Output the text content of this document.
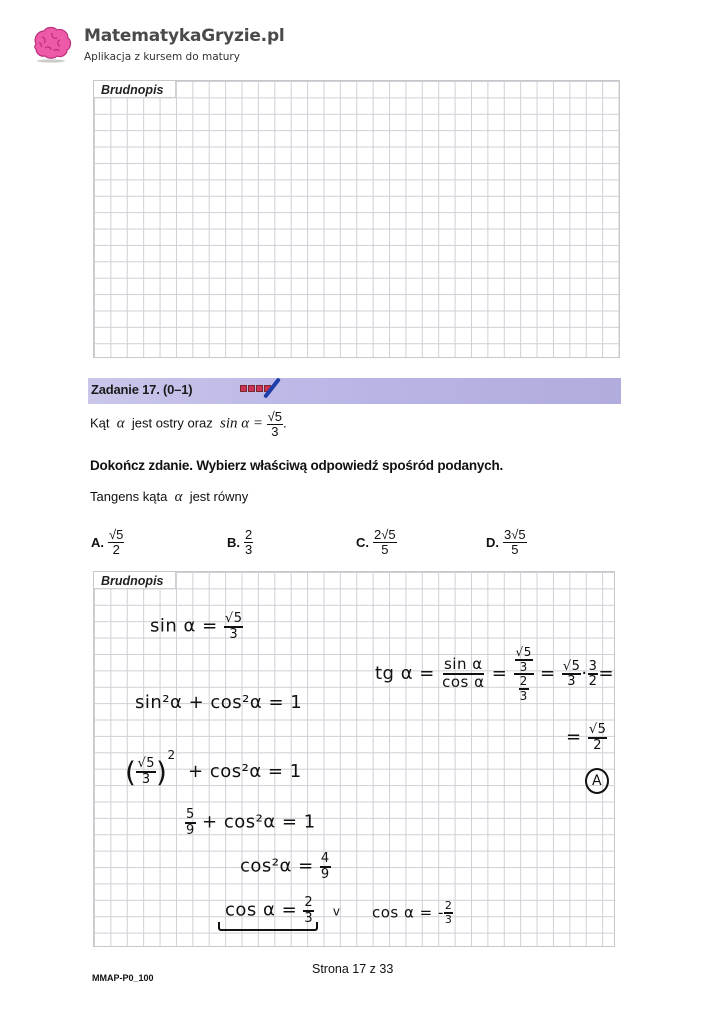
MatematykaGryzie.pl
Aplikacja z kursem do matury
Brudnopis
Zadanie 17. (0–1)
Kąt α jest ostry oraz $\sin \alpha = \frac{√5}{3}$ .
Dokończ zdanie. Wybierz właściwą odpowiedź spośród podanych.
Tangens kąta α jest równy
A. $\frac{√5}{2}$	B. $\frac{2}{3}$	C. $\frac{2√5}{5}$	D. $\frac{3√5}{5}$
Brudnopis
$\sin \alpha = \frac{√5}{3}$
sin²α + cos²α = 1
( $\frac{√5}{3} )^2 + \cos^2\alpha = 1$
$\frac{5}{9} + \cos^2\alpha = 1$
$\cos^2\alpha = \frac{4}{9}$
$\cos \alpha = \frac{2}{3}$ v cos α = - $\frac{2}{3}$
tg $\alpha = \frac{\text{sin α}}{\text{cos α}} = \frac{\frac{√5}{3}}{\frac{2}{3}} = \frac{√5}{3} \cdot \frac{3}{2}$ =
= $\frac{√5}{2}$
A
MMAP-P0_100
Strona 17 z 33
